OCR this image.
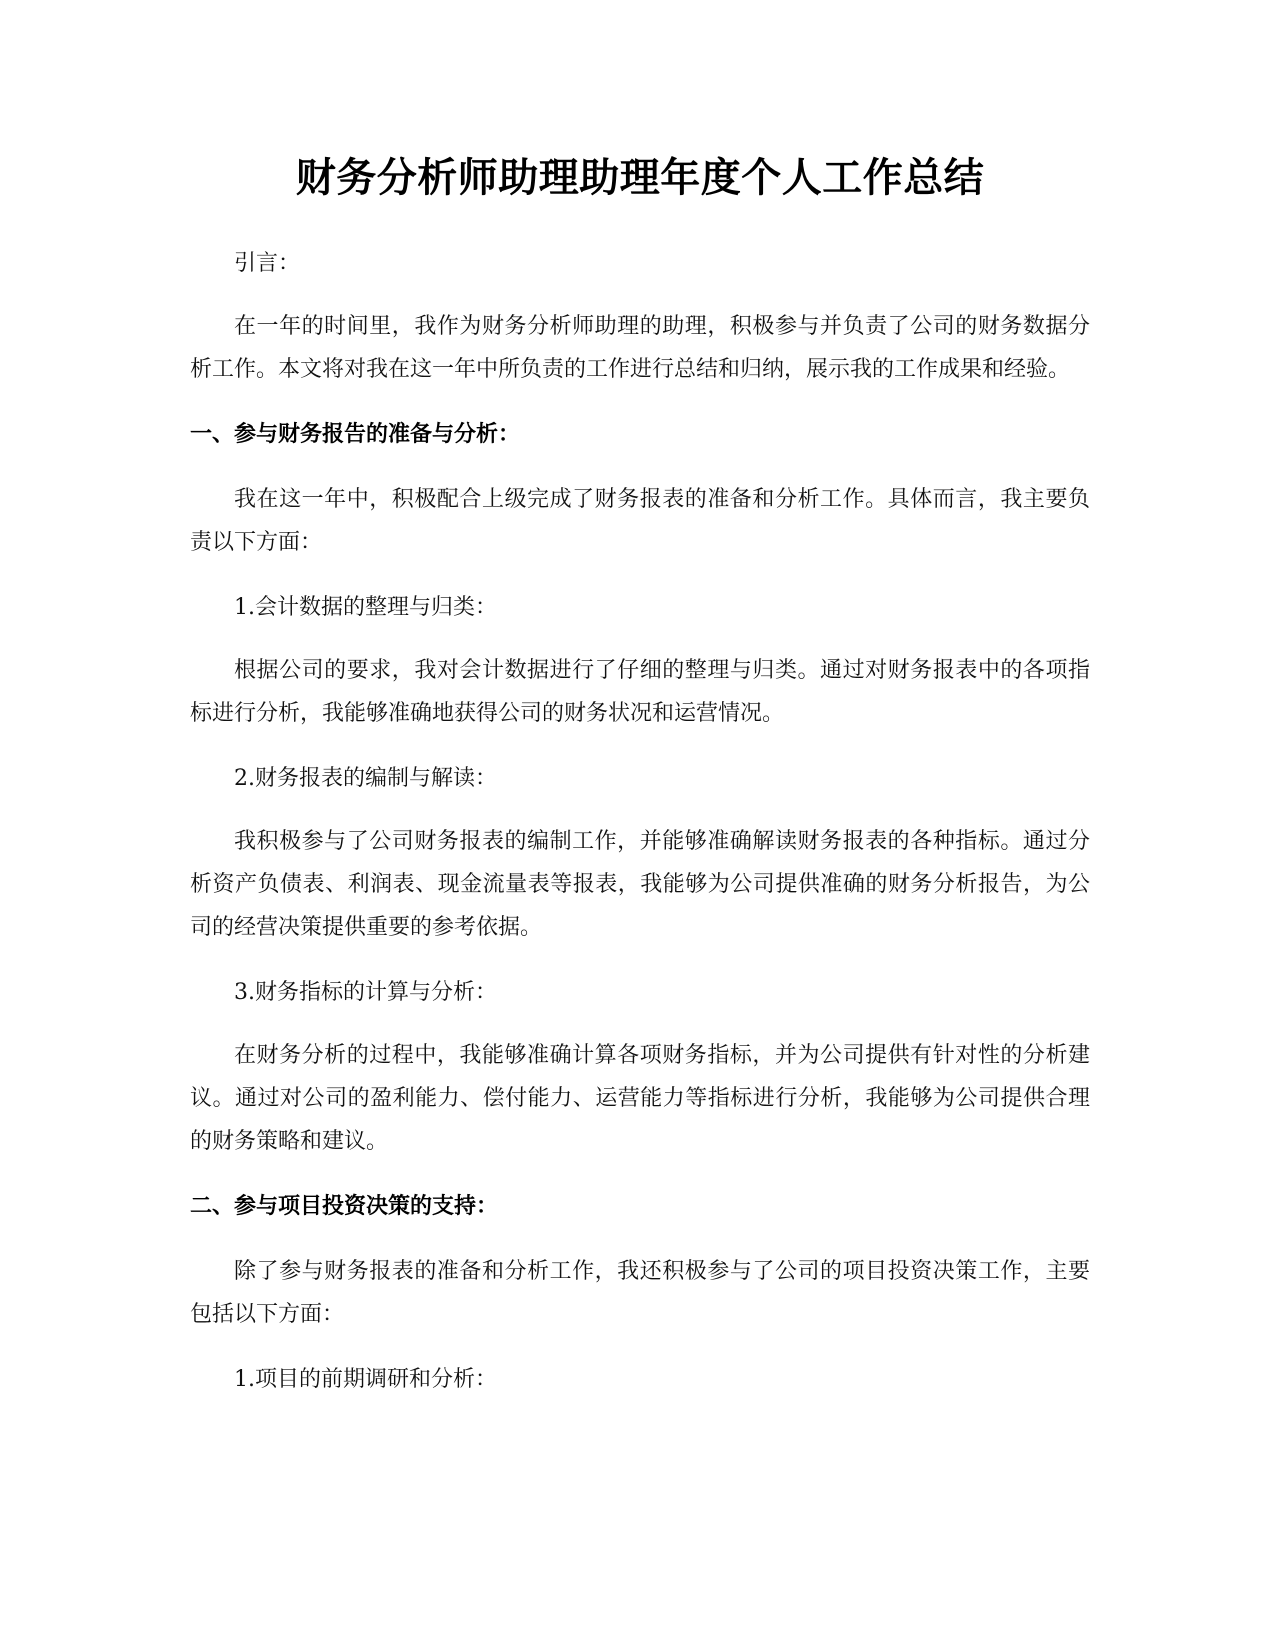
财务分析师助理助理年度个人工作总结

引言：

在一年的时间里，我作为财务分析师助理的助理，积极参与并负责了公司的财务数据分析工作。本文将对我在这一年中所负责的工作进行总结和归纳，展示我的工作成果和经验。

一、参与财务报告的准备与分析：

我在这一年中，积极配合上级完成了财务报表的准备和分析工作。具体而言，我主要负责以下方面：

1.会计数据的整理与归类：

根据公司的要求，我对会计数据进行了仔细的整理与归类。通过对财务报表中的各项指标进行分析，我能够准确地获得公司的财务状况和运营情况。

2.财务报表的编制与解读：

我积极参与了公司财务报表的编制工作，并能够准确解读财务报表的各种指标。通过分析资产负债表、利润表、现金流量表等报表，我能够为公司提供准确的财务分析报告，为公司的经营决策提供重要的参考依据。

3.财务指标的计算与分析：

在财务分析的过程中，我能够准确计算各项财务指标，并为公司提供有针对性的分析建议。通过对公司的盈利能力、偿付能力、运营能力等指标进行分析，我能够为公司提供合理的财务策略和建议。

二、参与项目投资决策的支持：

除了参与财务报表的准备和分析工作，我还积极参与了公司的项目投资决策工作，主要包括以下方面：

1.项目的前期调研和分析：
